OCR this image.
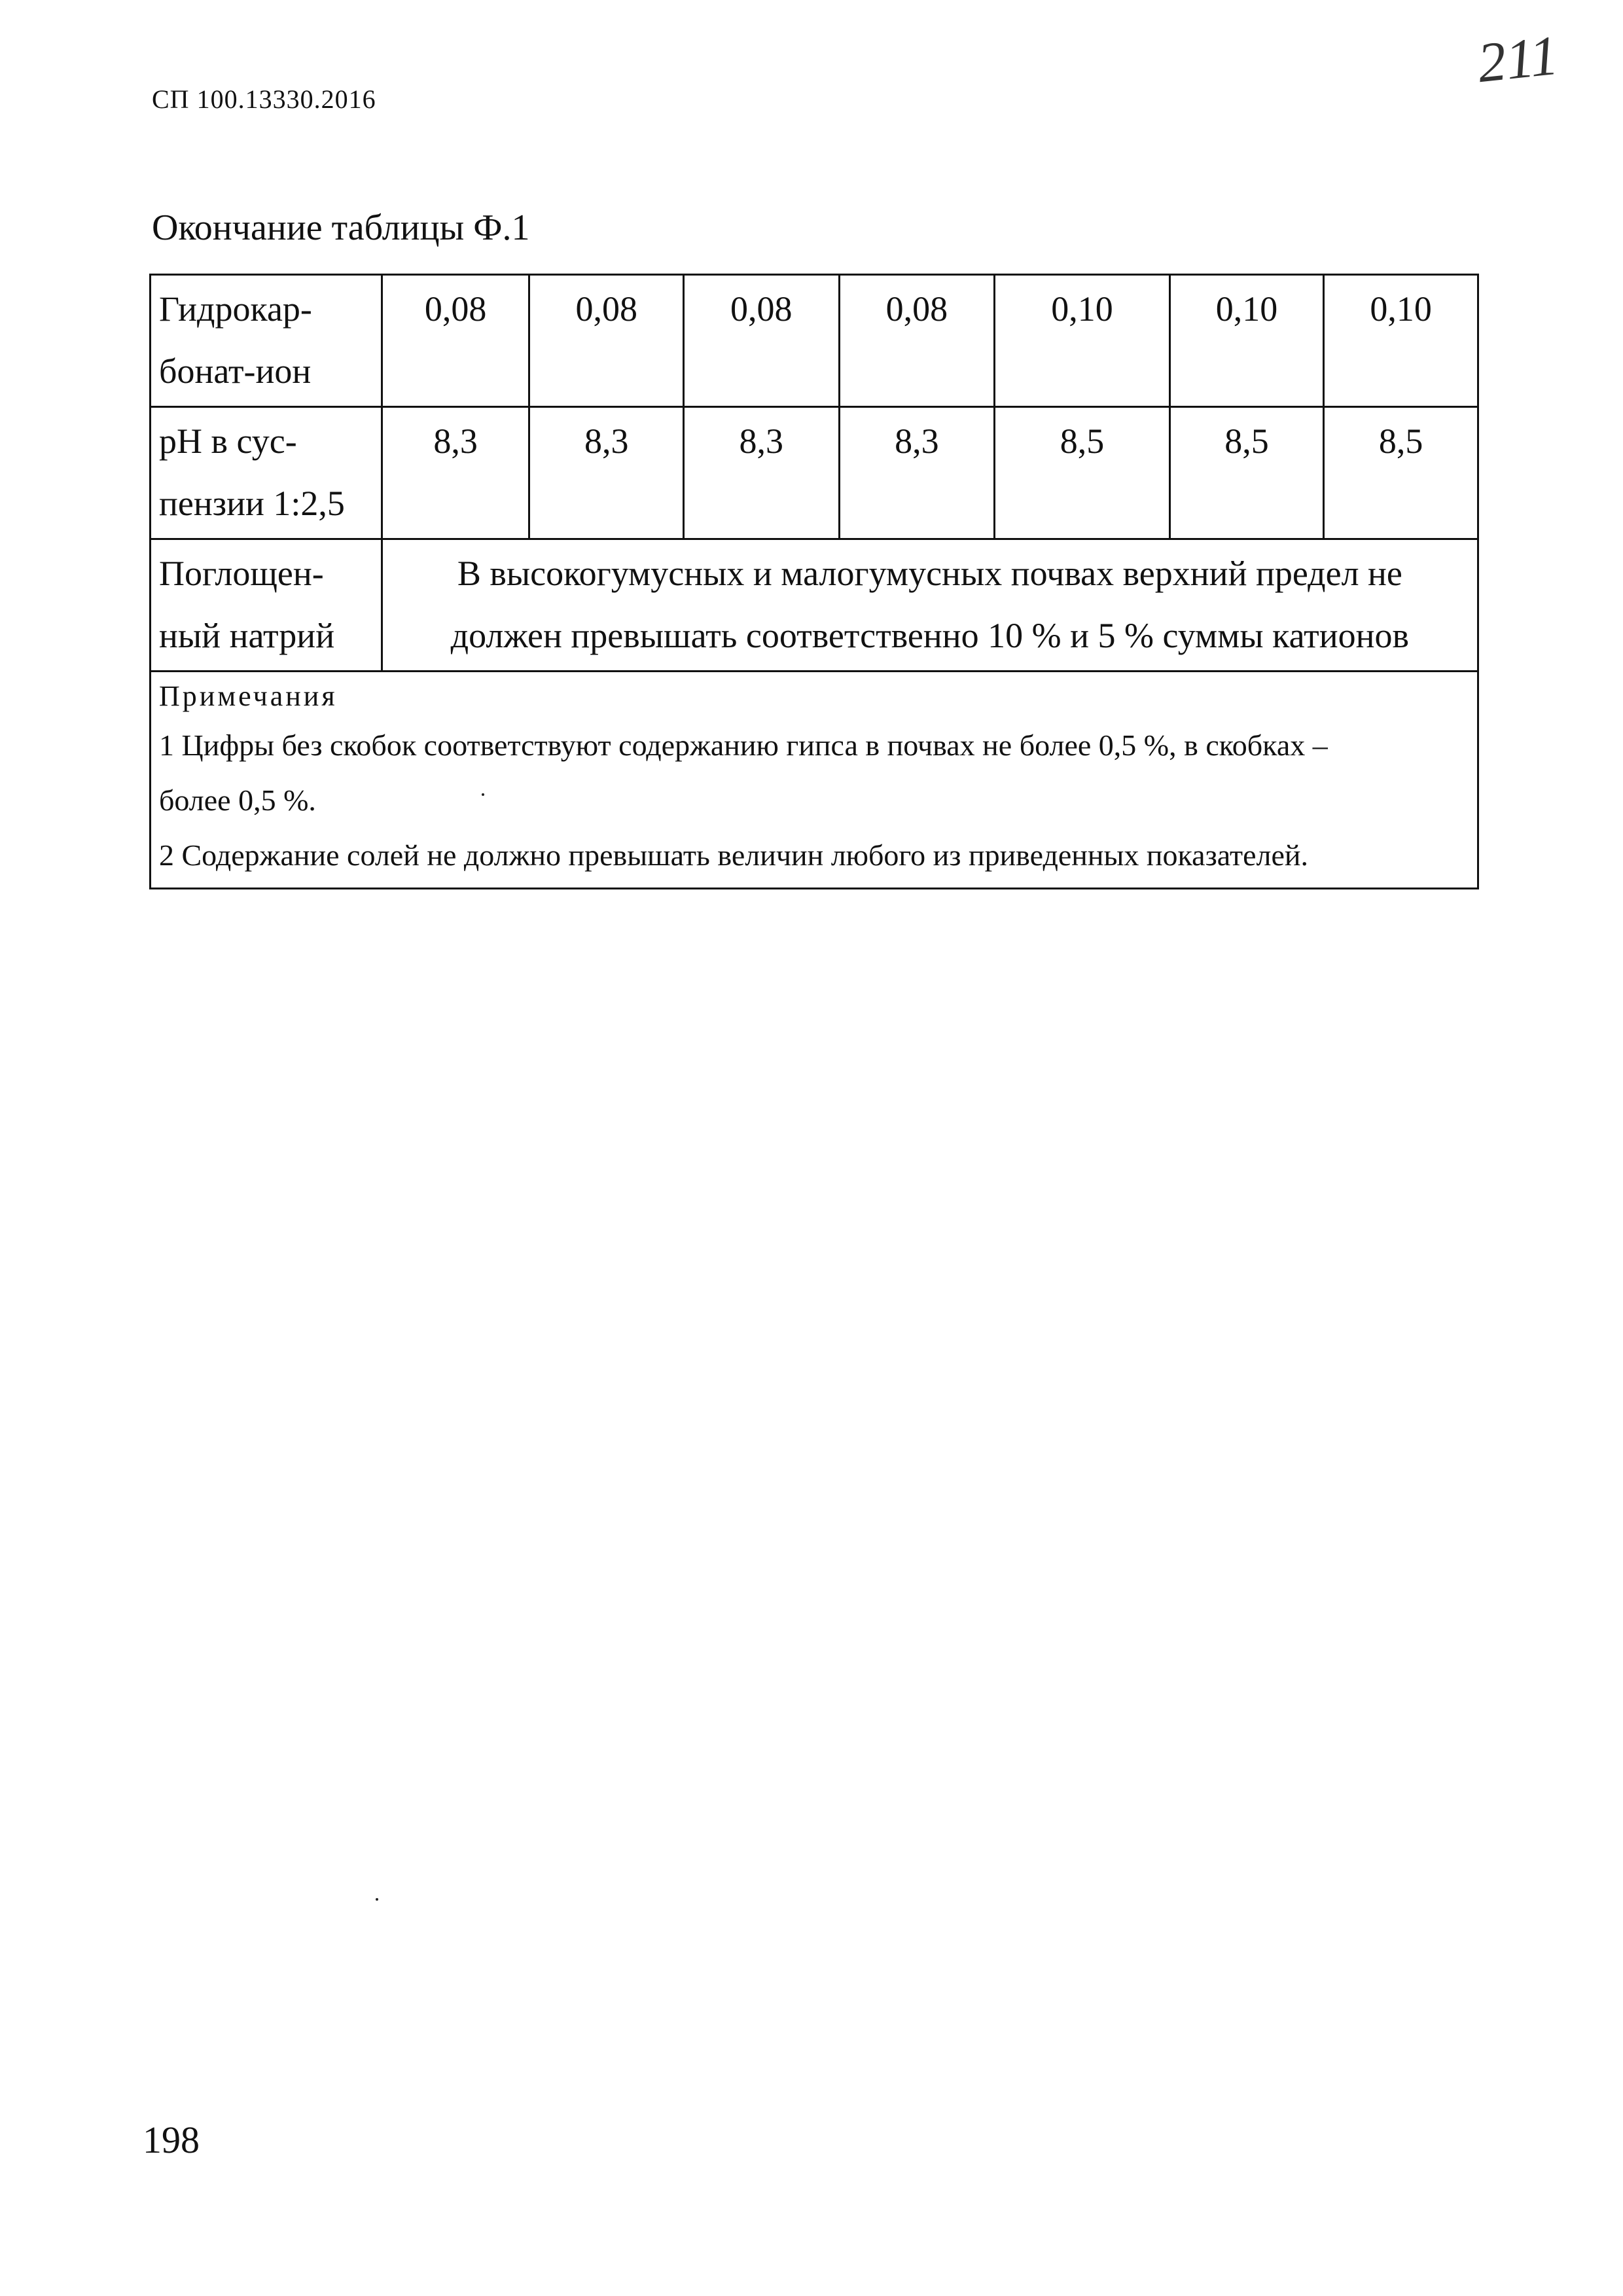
СП 100.13330.2016
211
Окончание таблицы Ф.1
Гидрокар-
бонат-ион	0,08	0,08	0,08	0,08	0,10	0,10	0,10
pH в сус-
пензии 1:2,5	8,3	8,3	8,3	8,3	8,5	8,5	8,5
Поглощен-
ный натрий	В высокогумусных и малогумусных почвах верхний предел не
должен превышать соответственно 10 % и 5 % суммы катионов						

Примечания
1 Цифры без скобок соответствуют содержанию гипса в почвах не более 0,5 %, в скобках –
более 0,5 %.
2 Содержание солей не должно превышать величин любого из приведенных показателей.							
198
